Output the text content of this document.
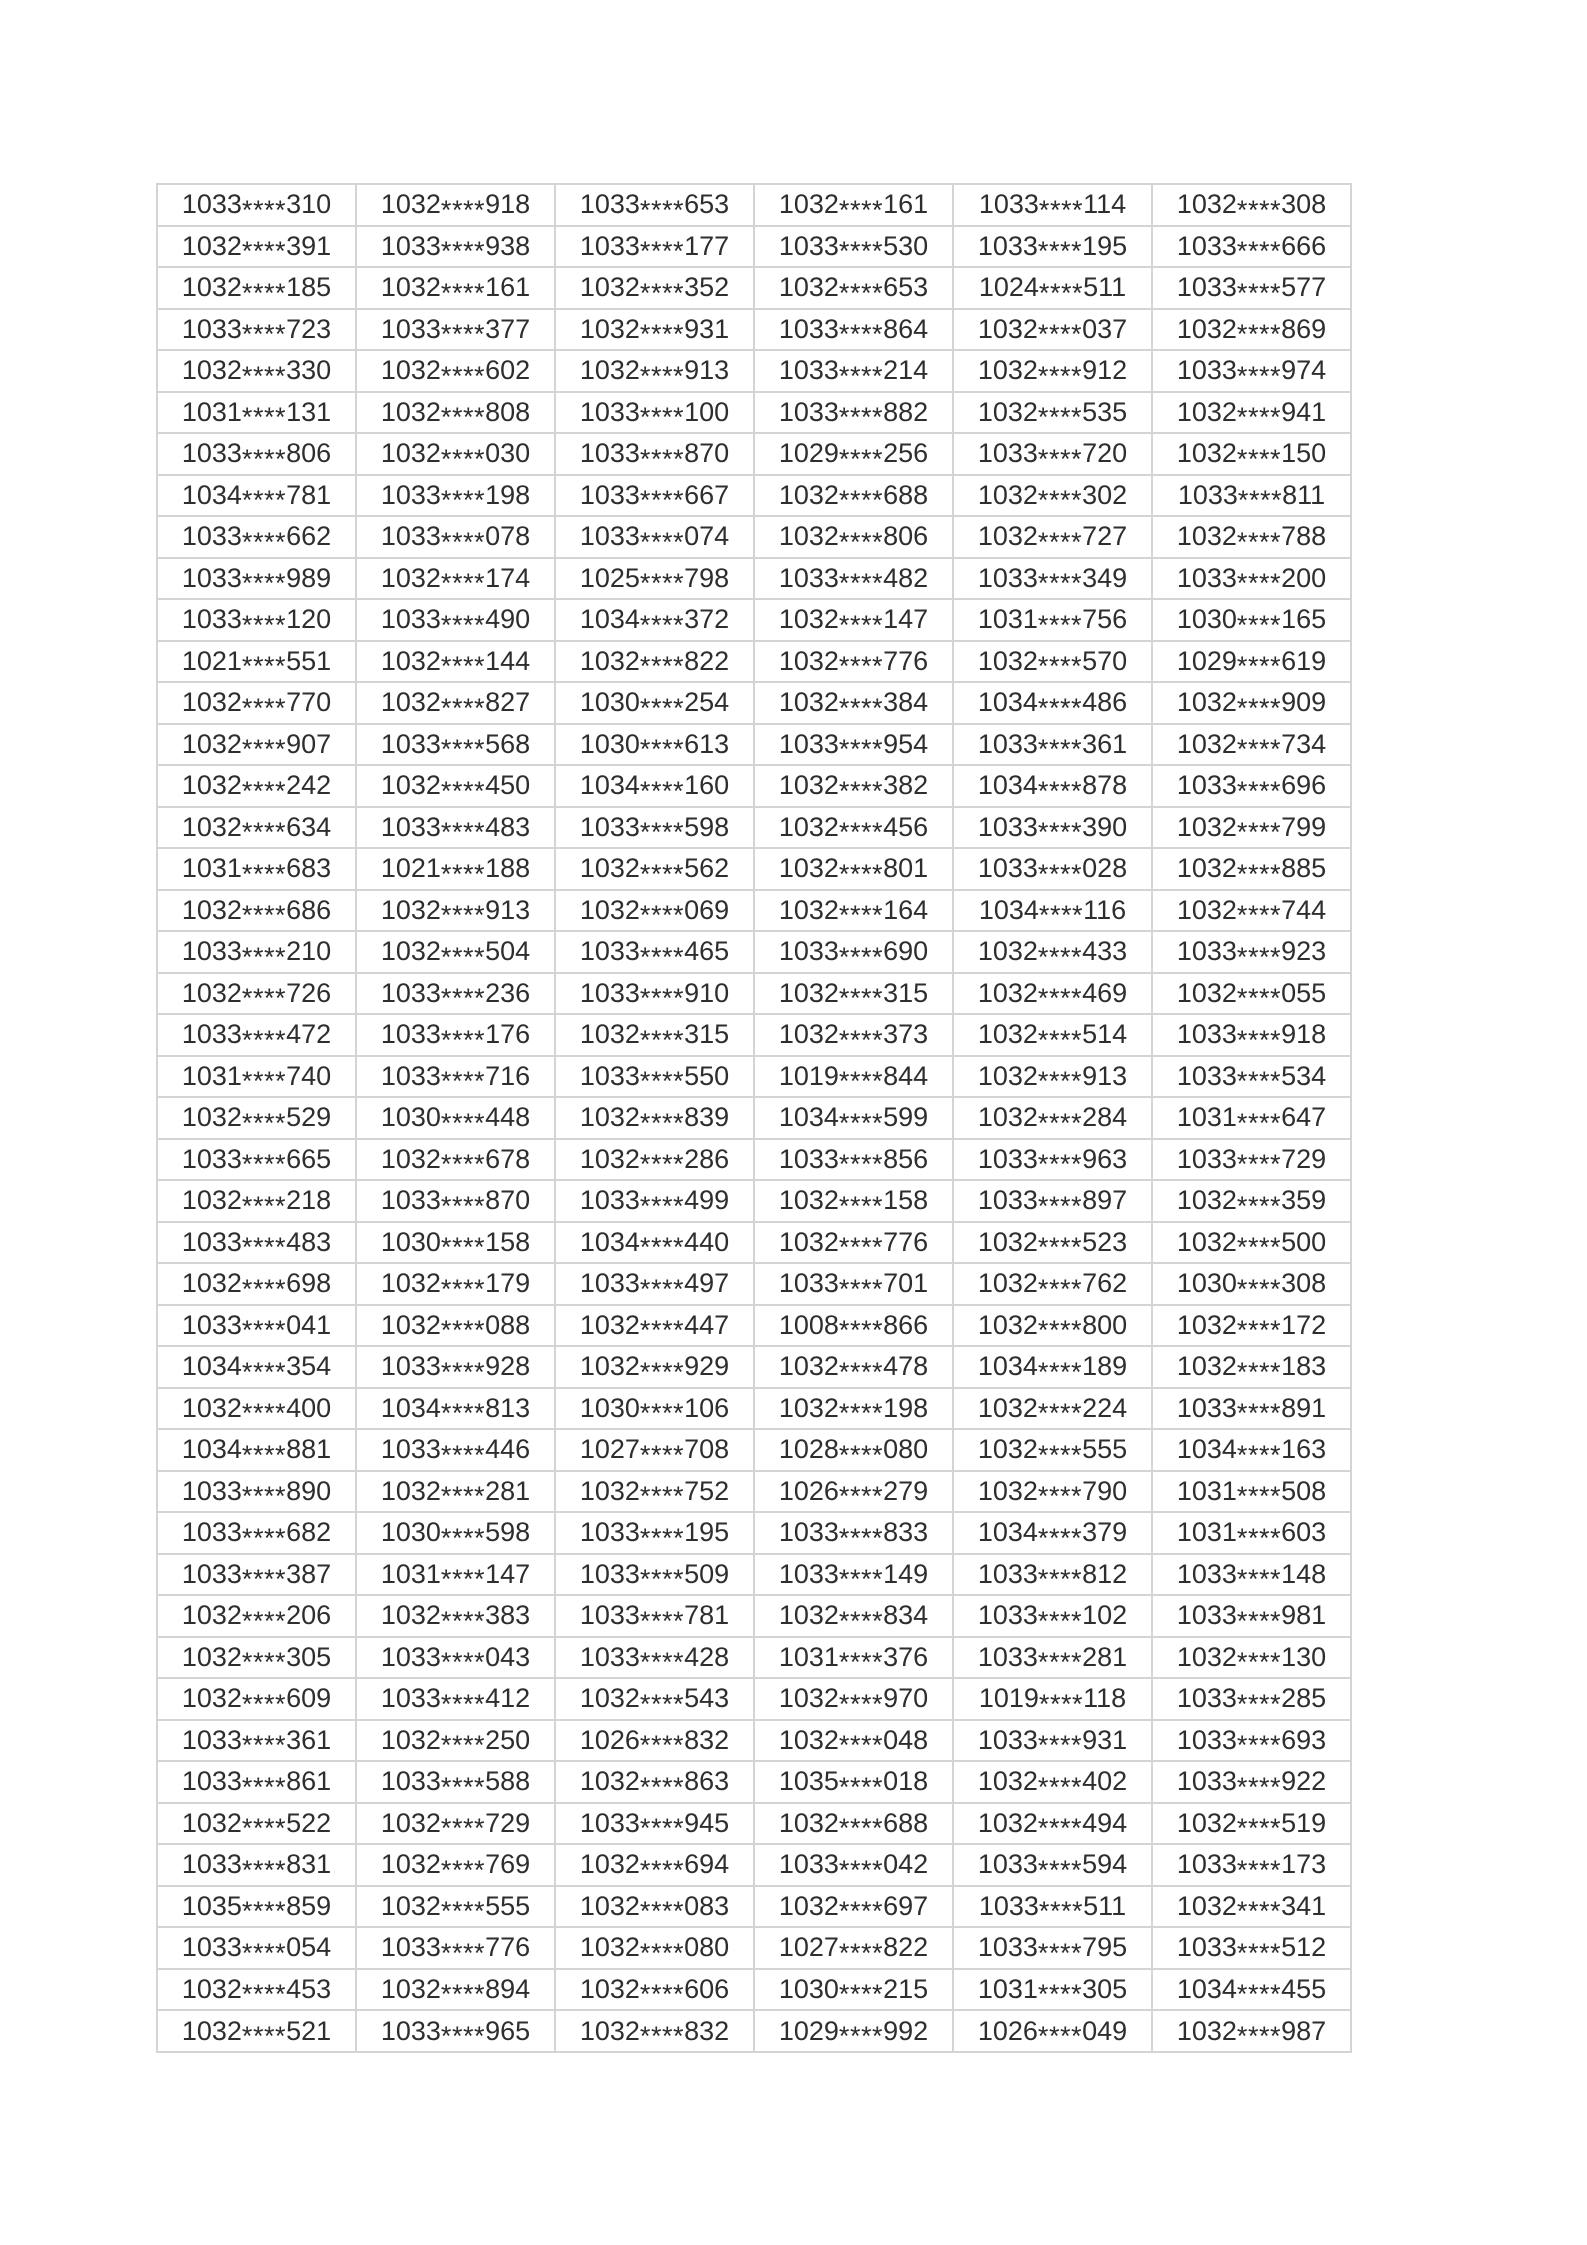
1033****310	1032****918	1033****653	1032****161	1033****114	1032****308
1032****391	1033****938	1033****177	1033****530	1033****195	1033****666
1032****185	1032****161	1032****352	1032****653	1024****511	1033****577
1033****723	1033****377	1032****931	1033****864	1032****037	1032****869
1032****330	1032****602	1032****913	1033****214	1032****912	1033****974
1031****131	1032****808	1033****100	1033****882	1032****535	1032****941
1033****806	1032****030	1033****870	1029****256	1033****720	1032****150
1034****781	1033****198	1033****667	1032****688	1032****302	1033****811
1033****662	1033****078	1033****074	1032****806	1032****727	1032****788
1033****989	1032****174	1025****798	1033****482	1033****349	1033****200
1033****120	1033****490	1034****372	1032****147	1031****756	1030****165
1021****551	1032****144	1032****822	1032****776	1032****570	1029****619
1032****770	1032****827	1030****254	1032****384	1034****486	1032****909
1032****907	1033****568	1030****613	1033****954	1033****361	1032****734
1032****242	1032****450	1034****160	1032****382	1034****878	1033****696
1032****634	1033****483	1033****598	1032****456	1033****390	1032****799
1031****683	1021****188	1032****562	1032****801	1033****028	1032****885
1032****686	1032****913	1032****069	1032****164	1034****116	1032****744
1033****210	1032****504	1033****465	1033****690	1032****433	1033****923
1032****726	1033****236	1033****910	1032****315	1032****469	1032****055
1033****472	1033****176	1032****315	1032****373	1032****514	1033****918
1031****740	1033****716	1033****550	1019****844	1032****913	1033****534
1032****529	1030****448	1032****839	1034****599	1032****284	1031****647
1033****665	1032****678	1032****286	1033****856	1033****963	1033****729
1032****218	1033****870	1033****499	1032****158	1033****897	1032****359
1033****483	1030****158	1034****440	1032****776	1032****523	1032****500
1032****698	1032****179	1033****497	1033****701	1032****762	1030****308
1033****041	1032****088	1032****447	1008****866	1032****800	1032****172
1034****354	1033****928	1032****929	1032****478	1034****189	1032****183
1032****400	1034****813	1030****106	1032****198	1032****224	1033****891
1034****881	1033****446	1027****708	1028****080	1032****555	1034****163
1033****890	1032****281	1032****752	1026****279	1032****790	1031****508
1033****682	1030****598	1033****195	1033****833	1034****379	1031****603
1033****387	1031****147	1033****509	1033****149	1033****812	1033****148
1032****206	1032****383	1033****781	1032****834	1033****102	1033****981
1032****305	1033****043	1033****428	1031****376	1033****281	1032****130
1032****609	1033****412	1032****543	1032****970	1019****118	1033****285
1033****361	1032****250	1026****832	1032****048	1033****931	1033****693
1033****861	1033****588	1032****863	1035****018	1032****402	1033****922
1032****522	1032****729	1033****945	1032****688	1032****494	1032****519
1033****831	1032****769	1032****694	1033****042	1033****594	1033****173
1035****859	1032****555	1032****083	1032****697	1033****511	1032****341
1033****054	1033****776	1032****080	1027****822	1033****795	1033****512
1032****453	1032****894	1032****606	1030****215	1031****305	1034****455
1032****521	1033****965	1032****832	1029****992	1026****049	1032****987
